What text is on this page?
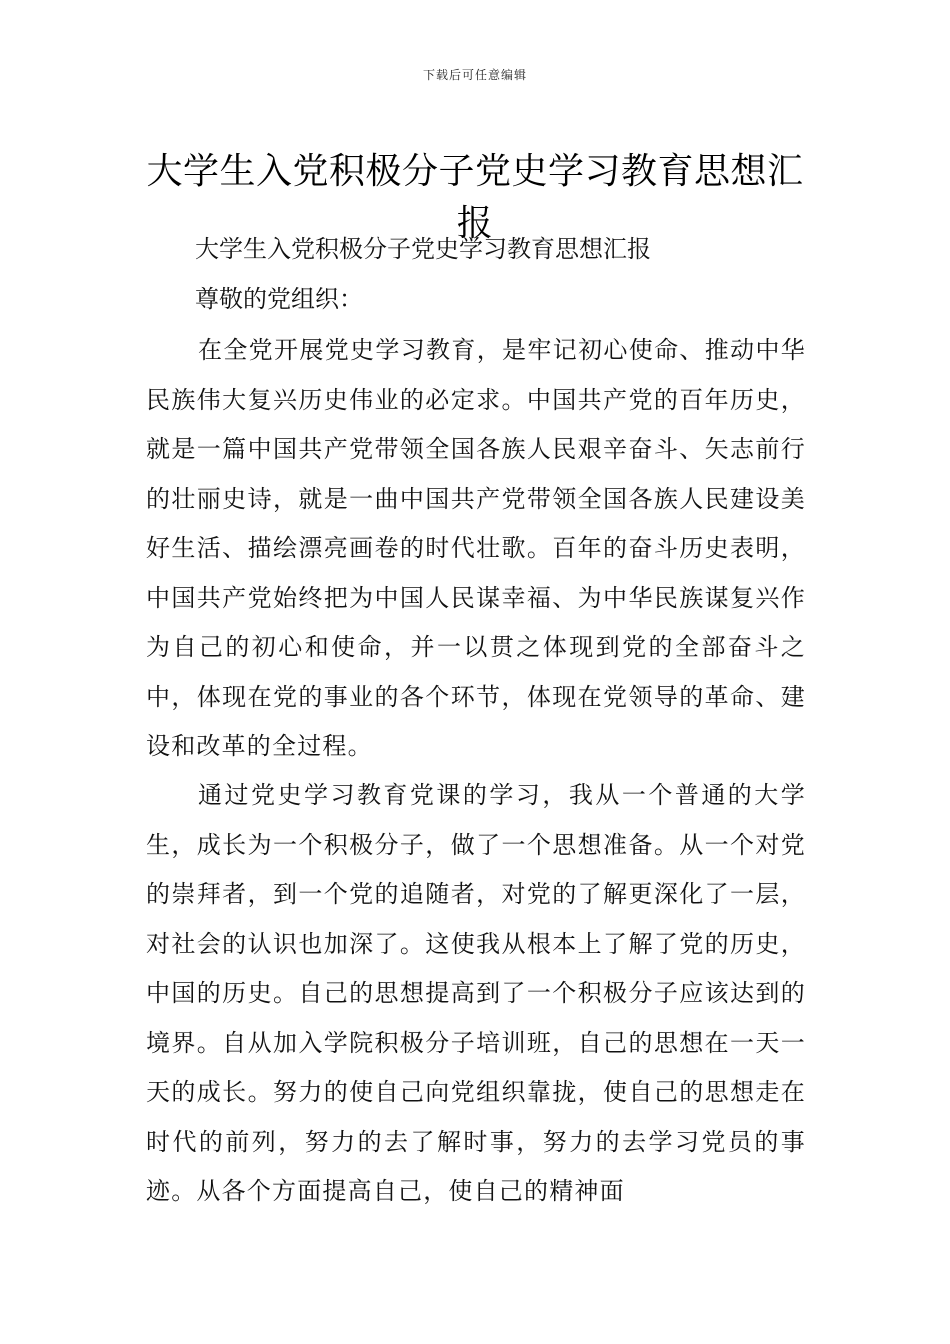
下载后可任意编辑
大学生入党积极分子党史学习教育思想汇报
大学生入党积极分子党史学习教育思想汇报
尊敬的党组织：

在全党开展党史学习教育，是牢记初心使命、推动中华民族伟大复兴历史伟业的必定求。中国共产党的百年历史，就是一篇中国共产党带领全国各族人民艰辛奋斗、矢志前行的壮丽史诗，就是一曲中国共产党带领全国各族人民建设美好生活、描绘漂亮画卷的时代壮歌。百年的奋斗历史表明，中国共产党始终把为中国人民谋幸福、为中华民族谋复兴作为自己的初心和使命，并一以贯之体现到党的全部奋斗之中，体现在党的事业的各个环节，体现在党领导的革命、建设和改革的全过程。

通过党史学习教育党课的学习，我从一个普通的大学生，成长为一个积极分子，做了一个思想准备。从一个对党的崇拜者，到一个党的追随者，对党的了解更深化了一层，对社会的认识也加深了。这使我从根本上了解了党的历史，中国的历史。自己的思想提高到了一个积极分子应该达到的境界。自从加入学院积极分子培训班，自己的思想在一天一天的成长。努力的使自己向党组织靠拢，使自己的思想走在时代的前列，努力的去了解时事，努力的去学习党员的事迹。从各个方面提高自己，使自己的精神面
